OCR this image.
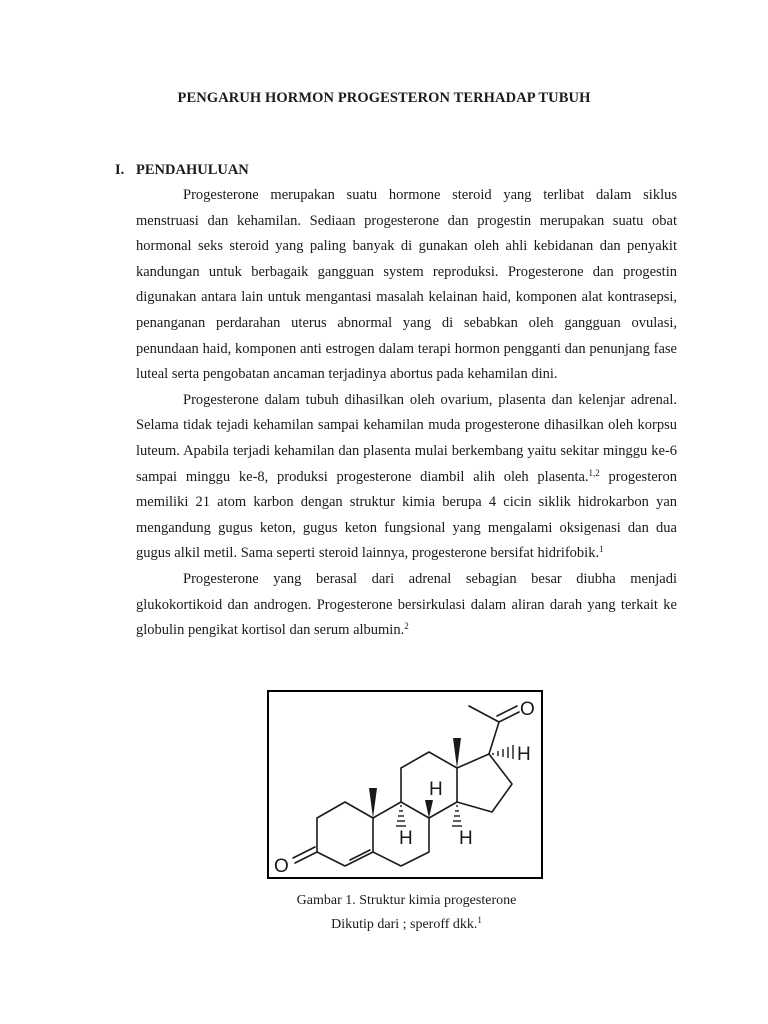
PENGARUH HORMON PROGESTERON TERHADAP TUBUH
I. PENDAHULUAN

Progesterone merupakan suatu hormone steroid yang terlibat dalam siklus menstruasi dan kehamilan. Sediaan progesterone dan progestin merupakan suatu obat hormonal seks steroid yang paling banyak di gunakan oleh ahli kebidanan dan penyakit kandungan untuk berbagaik gangguan system reproduksi. Progesterone dan progestin digunakan antara lain untuk mengantasi masalah kelainan haid, komponen alat kontrasepsi, penanganan perdarahan uterus abnormal yang di sebabkan oleh gangguan ovulasi, penundaan haid, komponen anti estrogen dalam terapi hormon pengganti dan penunjang fase luteal serta pengobatan ancaman terjadinya abortus pada kehamilan dini.

Progesterone dalam tubuh dihasilkan oleh ovarium, plasenta dan kelenjar adrenal. Selama tidak tejadi kehamilan sampai kehamilan muda progesterone dihasilkan oleh korpsu luteum. Apabila terjadi kehamilan dan plasenta mulai berkembang yaitu sekitar minggu ke-6 sampai minggu ke-8, produksi progesterone diambil alih oleh plasenta.$^{1,2}$ progesteron memiliki 21 atom karbon dengan struktur kimia berupa 4 cicin siklik hidrokarbon yan mengandung gugus keton, gugus keton fungsional yang mengalami oksigenasi dan dua gugus alkil metil. Sama seperti steroid lainnya, progesterone bersifat hidrifobik.$^1$

Progesterone yang berasal dari adrenal sebagian besar diubha menjadi glukokortikoid dan androgen. Progesterone bersirkulasi dalam aliran darah yang terkait ke globulin pengikat kortisol dan serum albumin.$^2$

O
O
H
H
H H
Gambar 1. Struktur kimia progesterone
Dikutip dari ; speroff dkk.$^1$
